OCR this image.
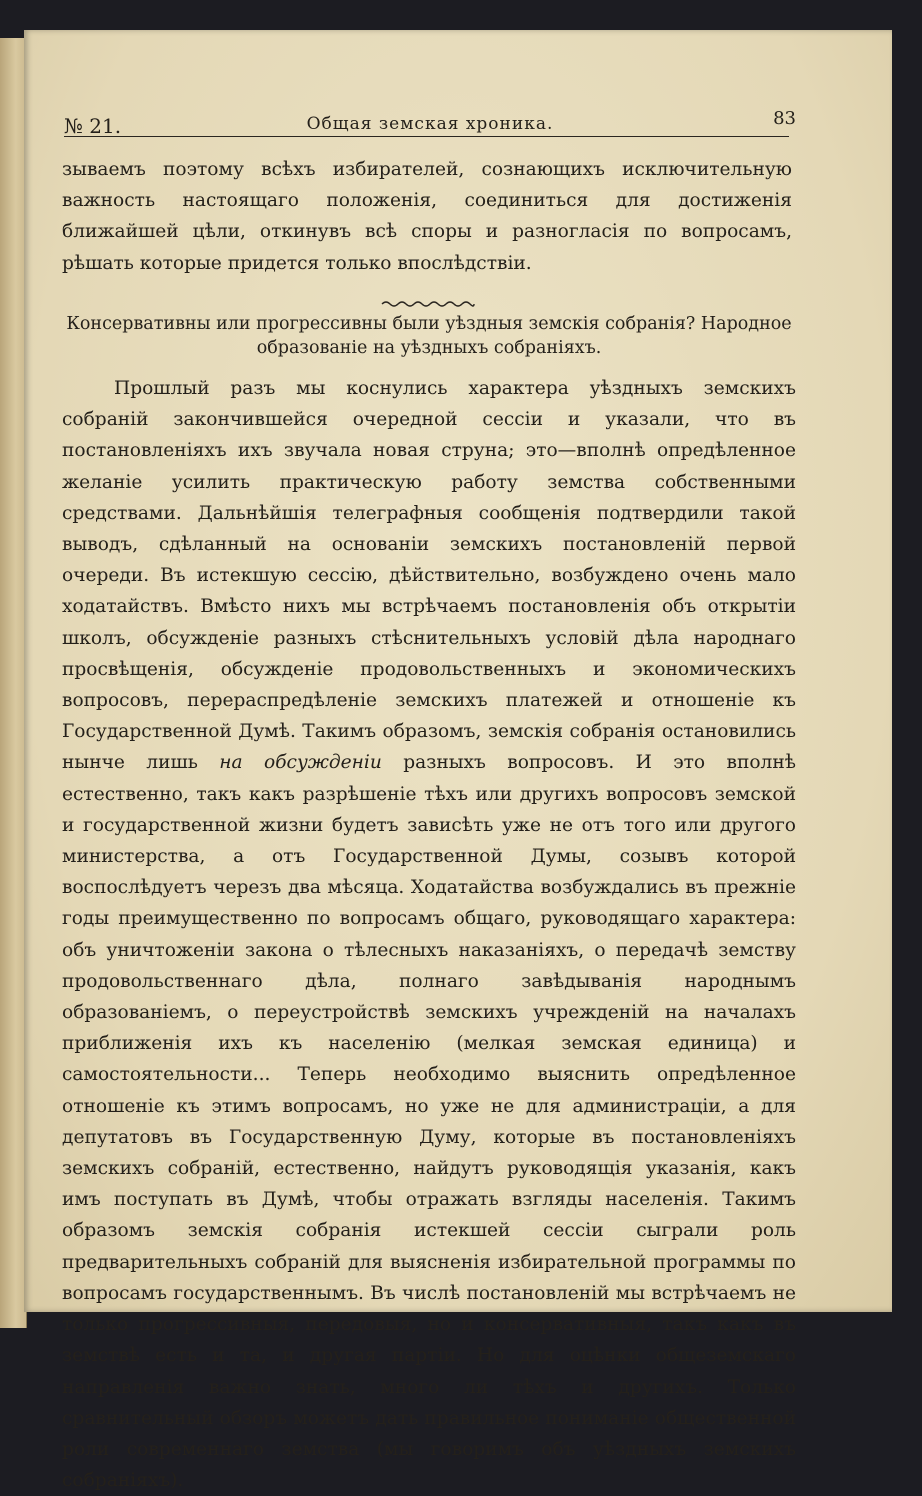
№ 21.	Общая земская хроника.	83

зываемъ поэтому всѣхъ избирателей, сознающихъ исключительную важность настоящаго положенія, соединиться для достиженія ближайшей цѣли, откинувъ всѣ споры и разногласія по вопросамъ, рѣшать которые придется только впослѣдствіи.

Консервативны или прогрессивны были уѣздныя земскія собранія? Народное образованіе на уѣздныхъ собраніяхъ.

Прошлый разъ мы коснулись характера уѣздныхъ земскихъ собраній закончившейся очередной сессіи и указали, что въ постановленіяхъ ихъ звучала новая струна; это—вполнѣ опредѣленное желаніе усилить практическую работу земства собственными средствами. Дальнѣйшія телеграфныя сообщенія подтвердили такой выводъ, сдѣланный на основаніи земскихъ постановленій первой очереди. Въ истекшую сессію, дѣйствительно, возбуждено очень мало ходатайствъ. Вмѣсто нихъ мы встрѣчаемъ постановленія объ открытіи школъ, обсужденіе разныхъ стѣснительныхъ условій дѣла народнаго просвѣщенія, обсужденіе продовольственныхъ и экономическихъ вопросовъ, перераспредѣленіе земскихъ платежей и отношеніе къ Государственной Думѣ. Такимъ образомъ, земскія собранія остановились нынче лишь на обсужденіи разныхъ вопросовъ. И это вполнѣ естественно, такъ какъ разрѣшеніе тѣхъ или другихъ вопросовъ земской и государственной жизни будетъ зависѣть уже не отъ того или другого министерства, а отъ Государственной Думы, созывъ которой воспослѣдуетъ черезъ два мѣсяца. Ходатайства возбуждались въ прежніе годы преимущественно по вопросамъ общаго, руководящаго характера: объ уничтоженіи закона о тѣлесныхъ наказаніяхъ, о передачѣ земству продовольственнаго дѣла, полнаго завѣдыванія народнымъ образованіемъ, о переустройствѣ земскихъ учрежденій на началахъ приближенія ихъ къ населенію (мелкая земская единица) и самостоятельности... Теперь необходимо выяснить опредѣленное отношеніе къ этимъ вопросамъ, но уже не для администраціи, а для депутатовъ въ Государственную Думу, которые въ постановленіяхъ земскихъ собраній, естественно, найдутъ руководящія указанія, какъ имъ поступать въ Думѣ, чтобы отражать взгляды населенія. Такимъ образомъ земскія собранія истекшей сессіи сыграли роль предварительныхъ собраній для выясненія избирательной программы по вопросамъ государственнымъ. Въ числѣ постановленій мы встрѣчаемъ не только прогрессивныя, передовыя, но и консервативныя, такъ какъ въ земствѣ есть и та, и другая партіи. Но для оцѣнки общеземскаго направленія важно знать, много ли тѣхъ и другихъ. Только сравнительный обзоръ можетъ дать правильное пониманіе общественной роли современнаго земства (мы говоримъ объ уѣздныхъ земскихъ собраніяхъ).
